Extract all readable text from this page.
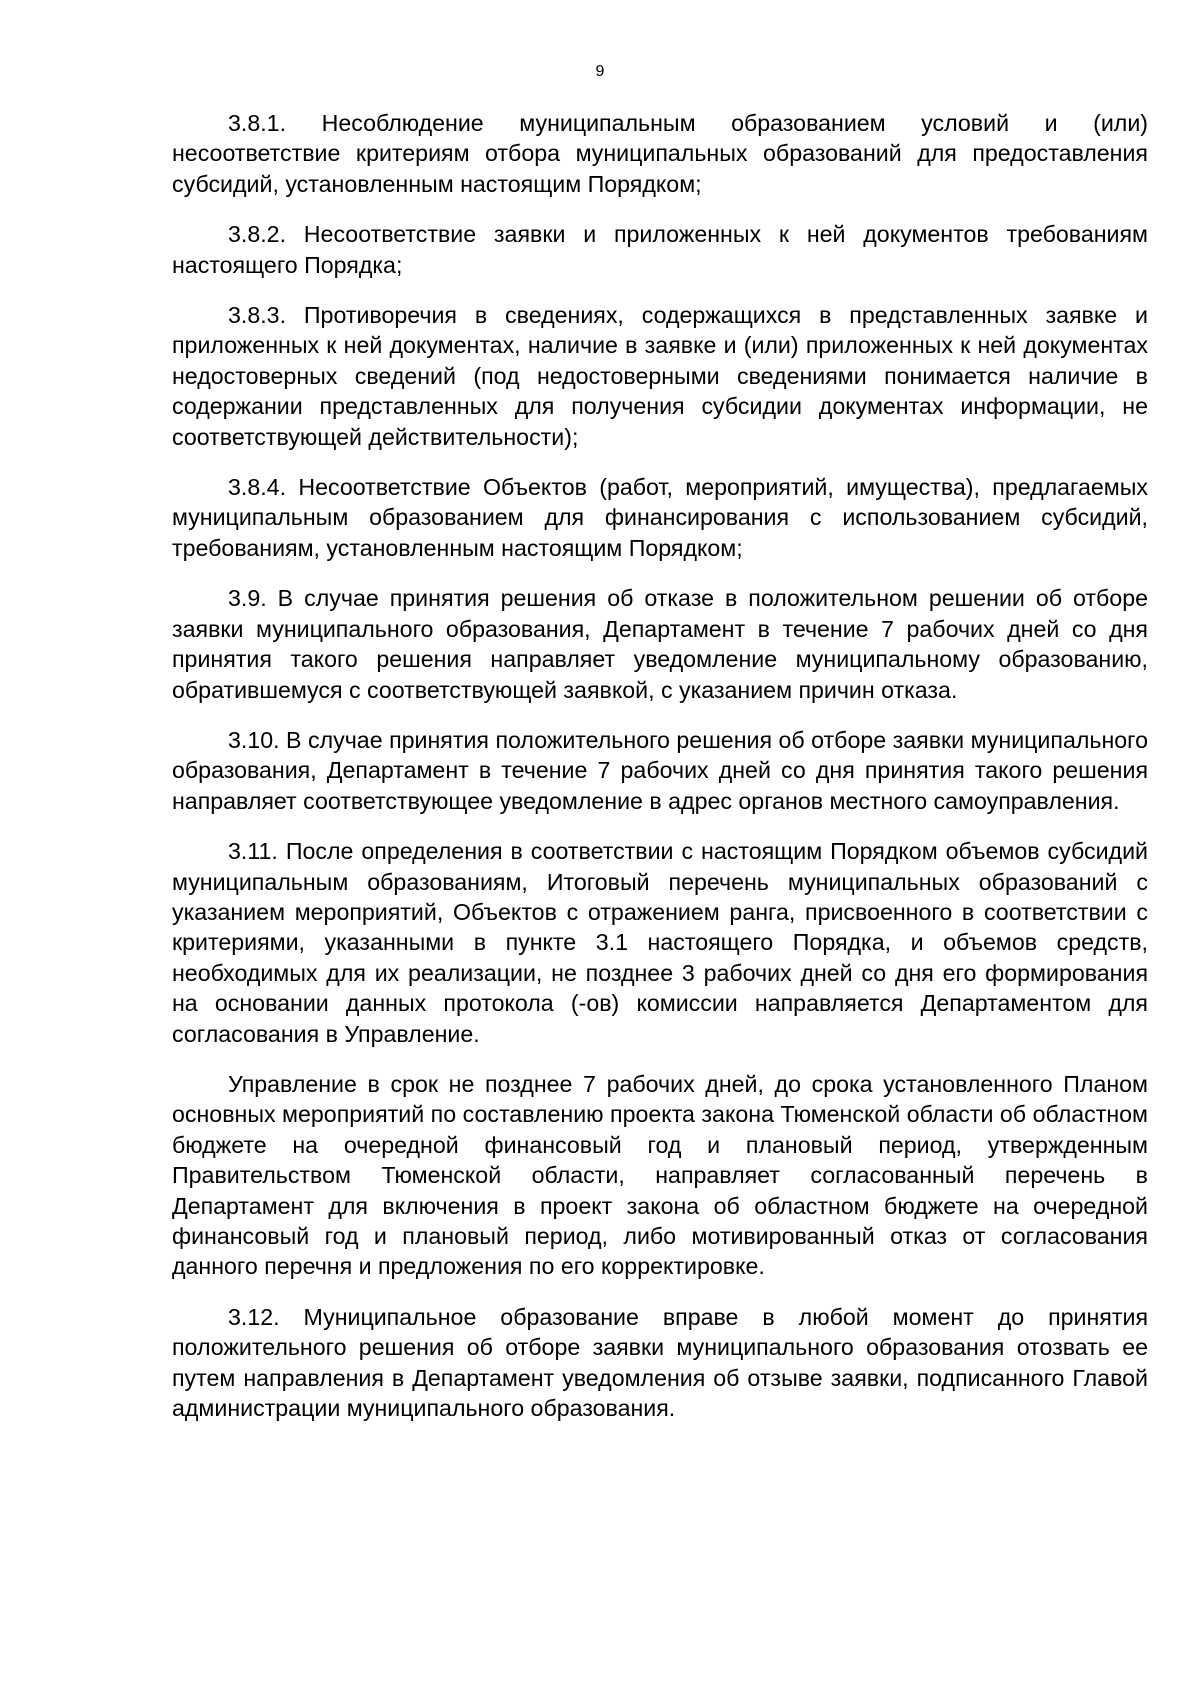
9

3.8.1. Несоблюдение муниципальным образованием условий и (или) несоответствие критериям отбора муниципальных образований для предоставления субсидий, установленным настоящим Порядком;

3.8.2. Несоответствие заявки и приложенных к ней документов требованиям настоящего Порядка;

3.8.3. Противоречия в сведениях, содержащихся в представленных заявке и приложенных к ней документах, наличие в заявке и (или) приложенных к ней документах недостоверных сведений (под недостоверными сведениями понимается наличие в содержании представленных для получения субсидии документах информации, не соответствующей действительности);

3.8.4. Несоответствие Объектов (работ, мероприятий, имущества), предлагаемых муниципальным образованием для финансирования с использованием субсидий, требованиям, установленным настоящим Порядком;

3.9. В случае принятия решения об отказе в положительном решении об отборе заявки муниципального образования, Департамент в течение 7 рабочих дней со дня принятия такого решения направляет уведомление муниципальному образованию, обратившемуся с соответствующей заявкой, с указанием причин отказа.

3.10. В случае принятия положительного решения об отборе заявки муниципального образования, Департамент в течение 7 рабочих дней со дня принятия такого решения направляет соответствующее уведомление в адрес органов местного самоуправления.

3.11. После определения в соответствии с настоящим Порядком объемов субсидий муниципальным образованиям, Итоговый перечень муниципальных образований с указанием мероприятий, Объектов с отражением ранга, присвоенного в соответствии с критериями, указанными в пункте 3.1 настоящего Порядка, и объемов средств, необходимых для их реализации, не позднее 3 рабочих дней со дня его формирования на основании данных протокола (-ов) комиссии направляется Департаментом для согласования в Управление.

Управление в срок не позднее 7 рабочих дней, до срока установленного Планом основных мероприятий по составлению проекта закона Тюменской области об областном бюджете на очередной финансовый год и плановый период, утвержденным Правительством Тюменской области, направляет согласованный перечень в Департамент для включения в проект закона об областном бюджете на очередной финансовый год и плановый период, либо мотивированный отказ от согласования данного перечня и предложения по его корректировке.

3.12. Муниципальное образование вправе в любой момент до принятия положительного решения об отборе заявки муниципального образования отозвать ее путем направления в Департамент уведомления об отзыве заявки, подписанного Главой администрации муниципального образования.
